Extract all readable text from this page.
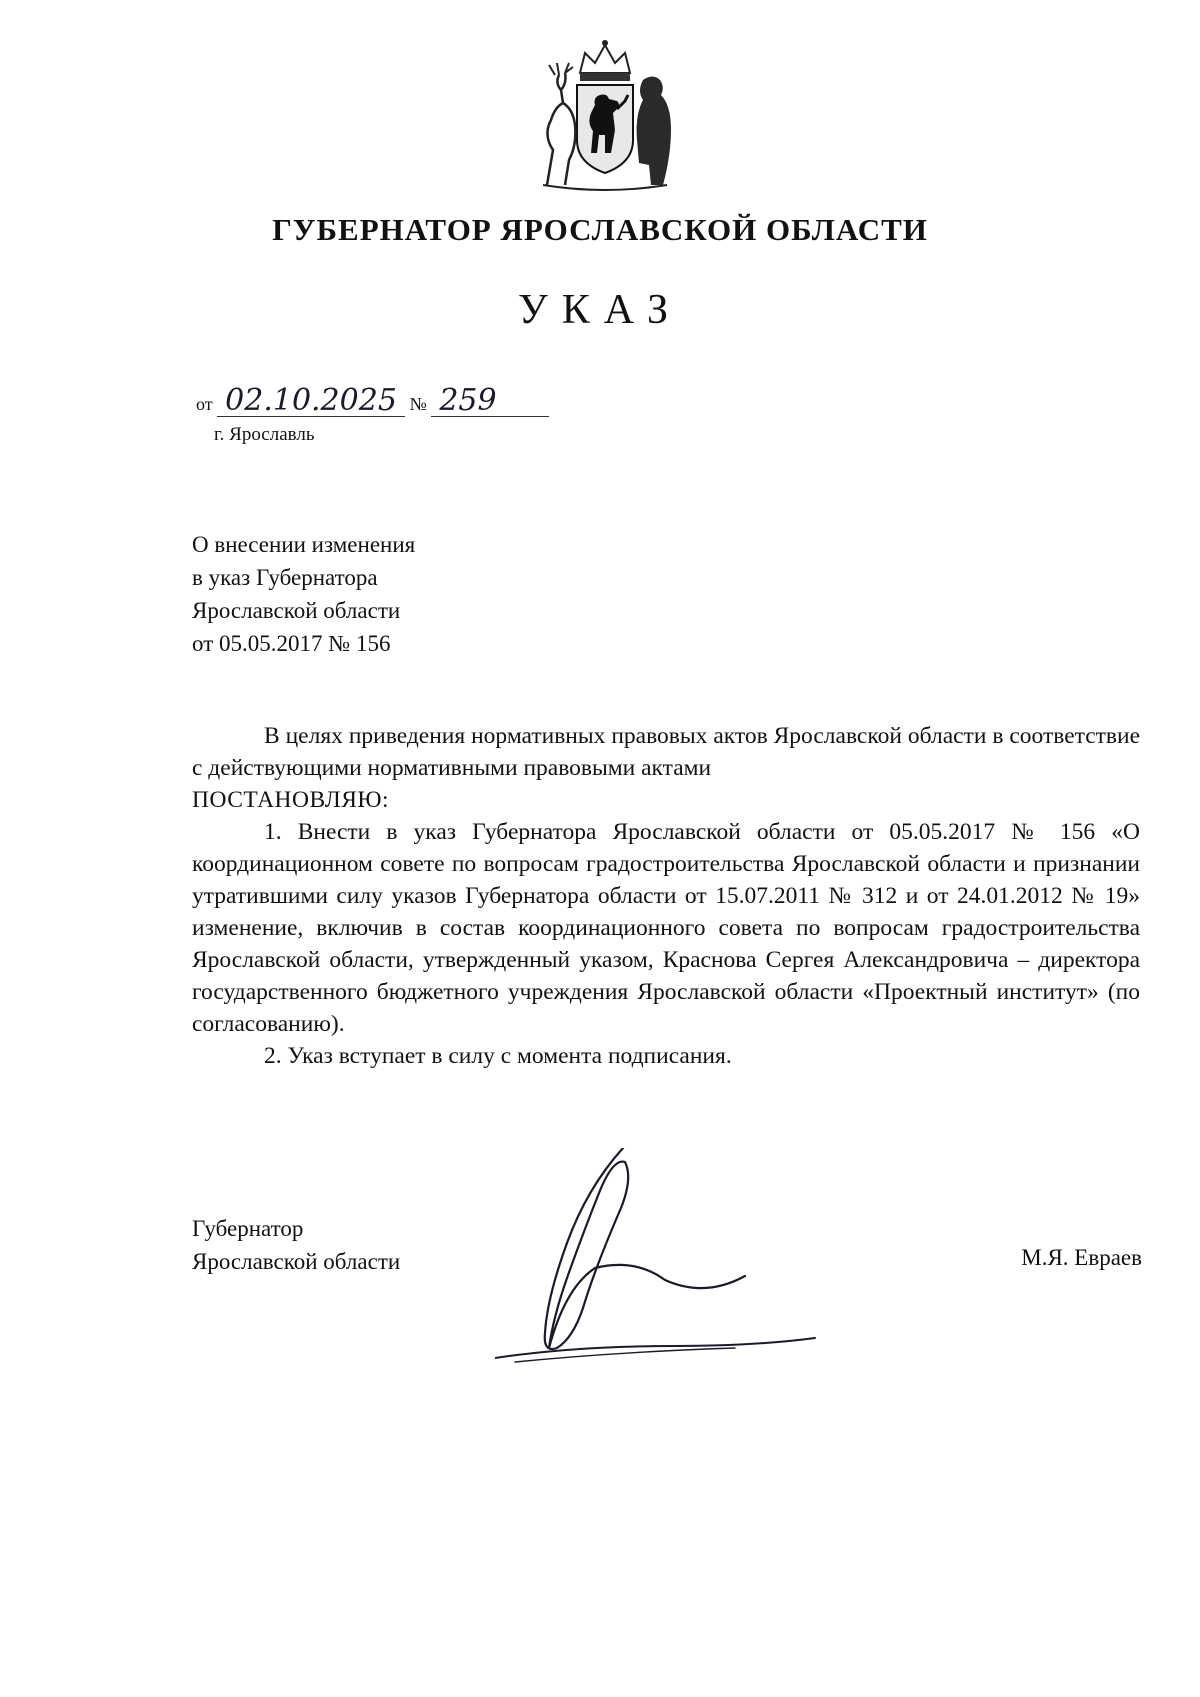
ГУБЕРНАТОР ЯРОСЛАВСКОЙ ОБЛАСТИ
УКАЗ
от 02.10.2025 № 259
г. Ярославль
О внесении изменения
в указ Губернатора
Ярославской области
от 05.05.2017 № 156

В целях приведения нормативных правовых актов Ярославской области в соответствие с действующими нормативными правовыми актами

ПОСТАНОВЛЯЮ:

1. Внести в указ Губернатора Ярославской области от 05.05.2017 № 156 «О координационном совете по вопросам градостроительства Ярославской области и признании утратившими силу указов Губернатора области от 15.07.2011 № 312 и от 24.01.2012 № 19» изменение, включив в состав координационного совета по вопросам градостроительства Ярославской области, утвержденный указом, Краснова Сергея Александровича – директора государственного бюджетного учреждения Ярославской области «Проектный институт» (по согласованию).

2. Указ вступает в силу с момента подписания.

Губернатор
Ярославской области	М.Я. Евраев
